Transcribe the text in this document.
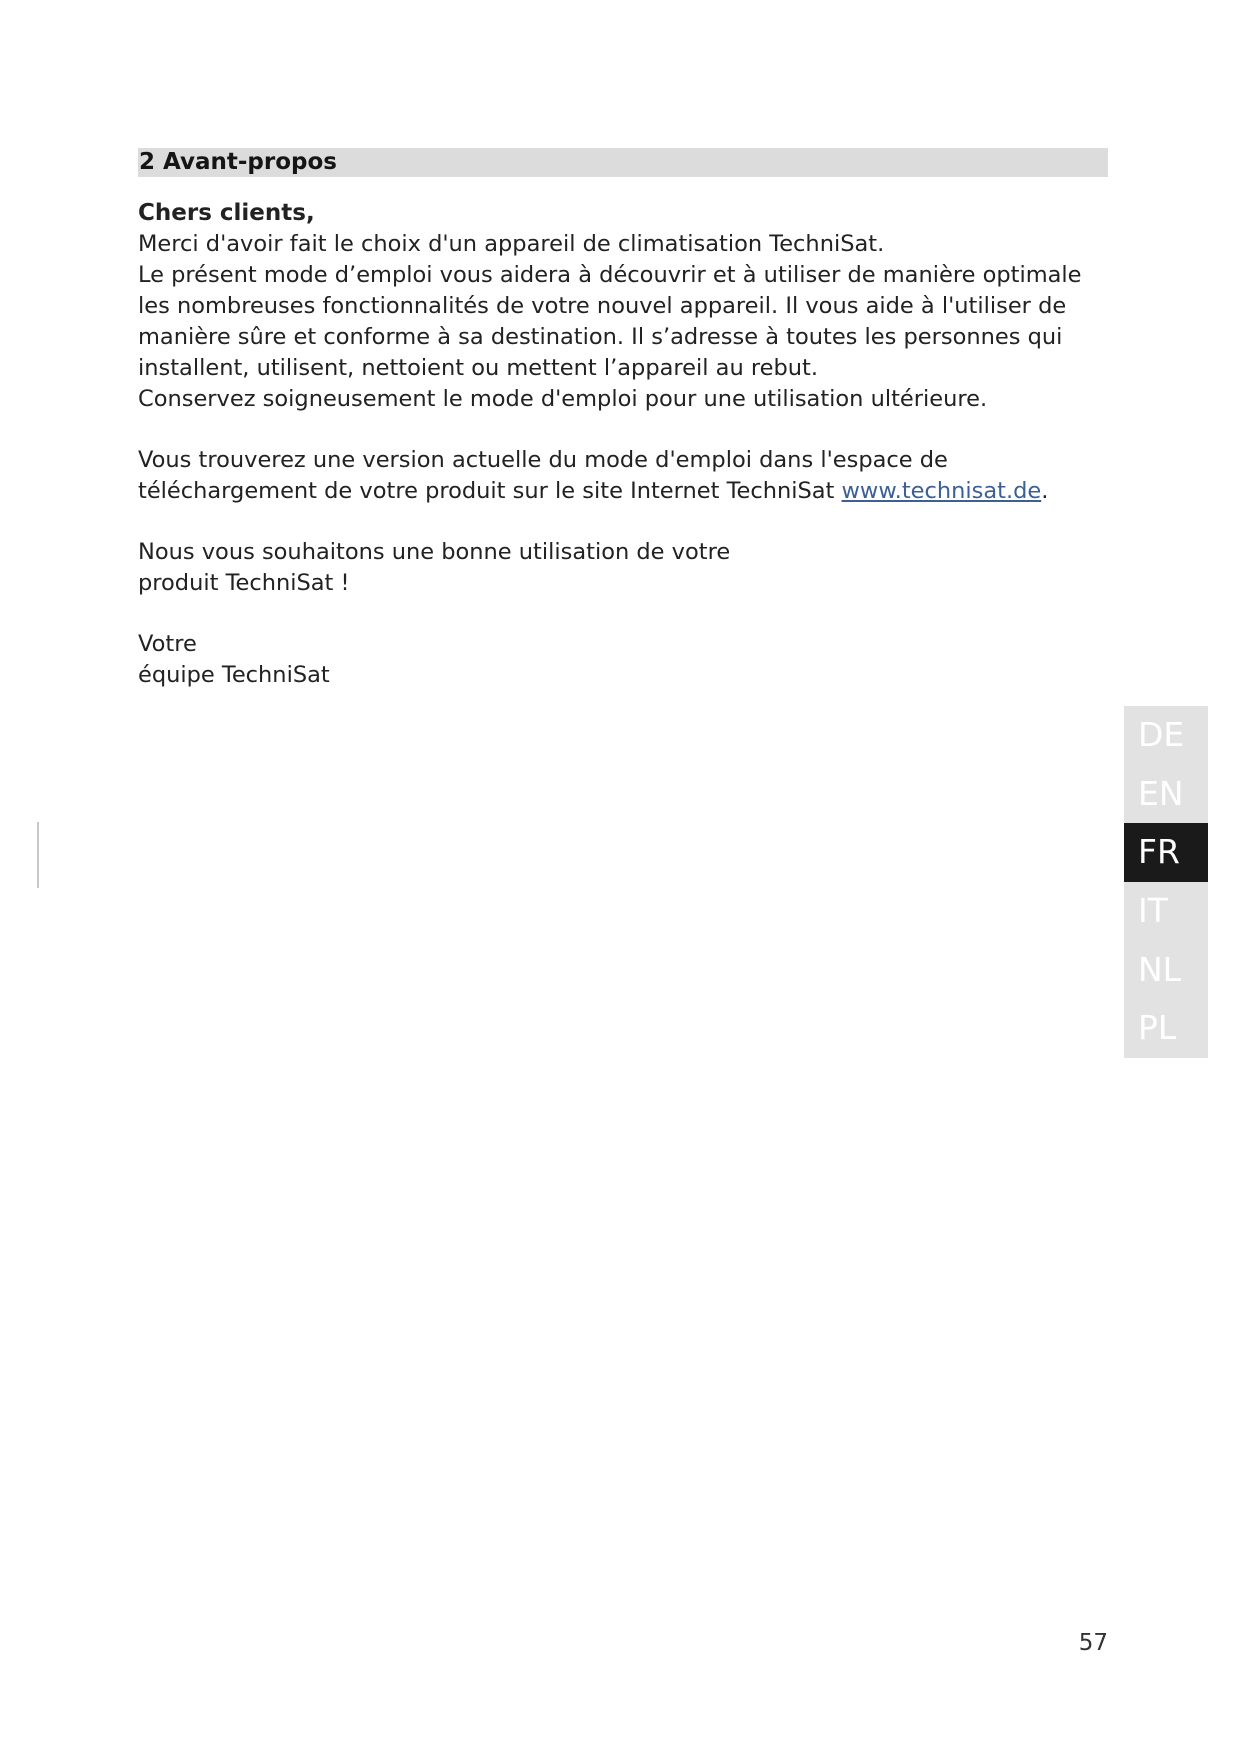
2 Avant-propos

Chers clients,

Merci d'avoir fait le choix d'un appareil de climatisation TechniSat.

Le présent mode d’emploi vous aidera à découvrir et à utiliser de manière optimale

les nombreuses fonctionnalités de votre nouvel appareil. Il vous aide à l'utiliser de

manière sûre et conforme à sa destination. Il s’adresse à toutes les personnes qui

installent, utilisent, nettoient ou mettent l’appareil au rebut.

Conservez soigneusement le mode d'emploi pour une utilisation ultérieure.

Vous trouverez une version actuelle du mode d'emploi dans l'espace de

téléchargement de votre produit sur le site Internet TechniSat www.technisat.de.

Nous vous souhaitons une bonne utilisation de votre

produit TechniSat !

Votre

équipe TechniSat

DE
EN
FR
IT
NL
PL
57
